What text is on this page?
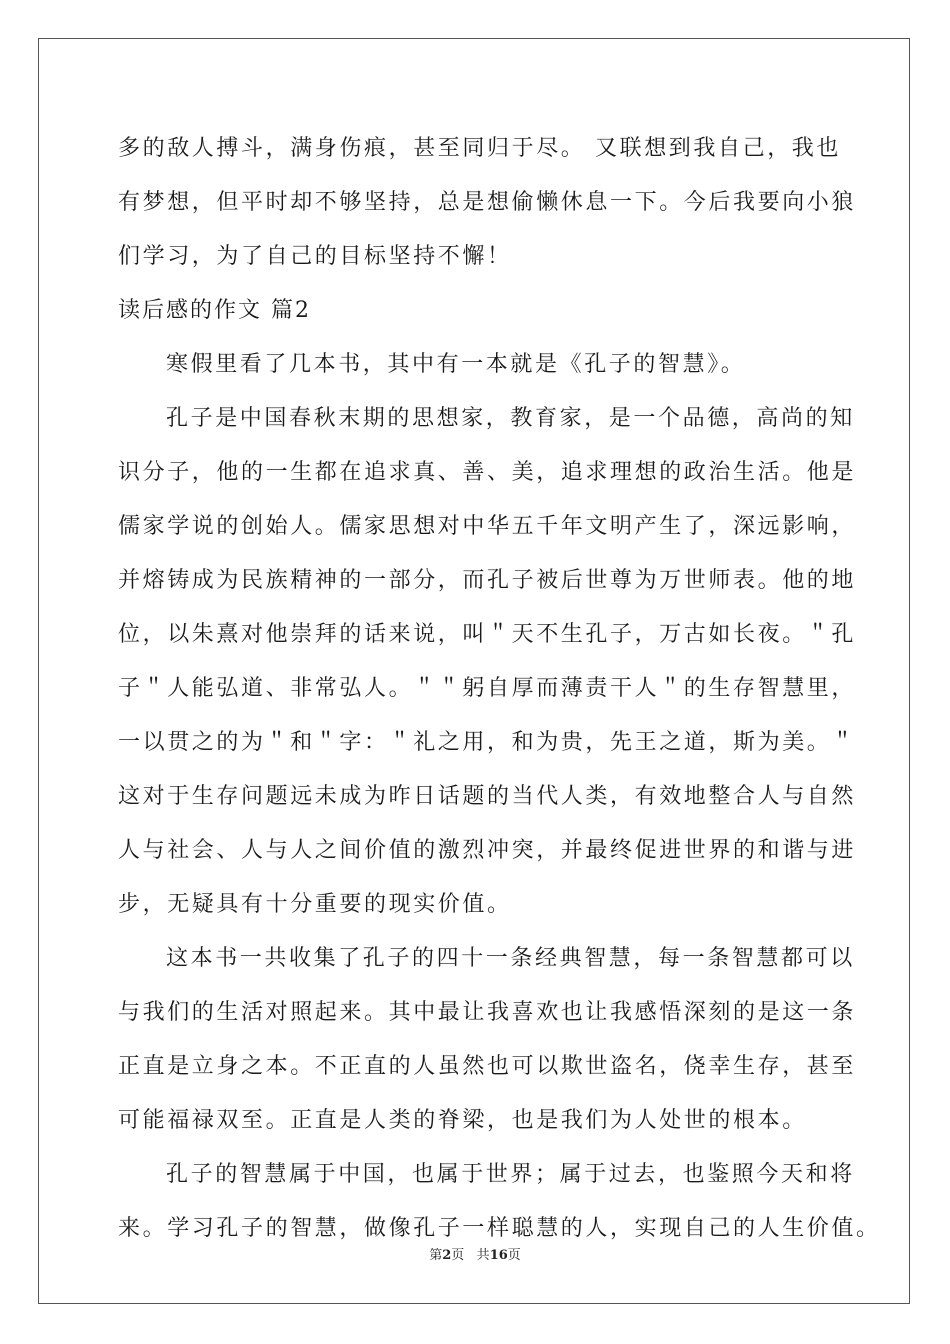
多的敌人搏斗，满身伤痕，甚至同归于尽。 又联想到我自己，我也
有梦想，但平时却不够坚持，总是想偷懒休息一下。今后我要向小狼
们学习，为了自己的目标坚持不懈！
读后感的作文 篇2
寒假里看了几本书，其中有一本就是《孔子的智慧》。
孔子是中国春秋末期的思想家，教育家，是一个品德，高尚的知
识分子，他的一生都在追求真、善、美，追求理想的政治生活。他是
儒家学说的创始人。儒家思想对中华五千年文明产生了，深远影响，
并熔铸成为民族精神的一部分，而孔子被后世尊为万世师表。他的地
位，以朱熹对他崇拜的话来说，叫＂天不生孔子，万古如长夜。＂孔
子＂人能弘道、非常弘人。＂＂躬自厚而薄责干人＂的生存智慧里，
一以贯之的为＂和＂字：＂礼之用，和为贵，先王之道，斯为美。＂
这对于生存问题远未成为昨日话题的当代人类，有效地整合人与自然
人与社会、人与人之间价值的激烈冲突，并最终促进世界的和谐与进
步，无疑具有十分重要的现实价值。
这本书一共收集了孔子的四十一条经典智慧，每一条智慧都可以
与我们的生活对照起来。其中最让我喜欢也让我感悟深刻的是这一条
正直是立身之本。不正直的人虽然也可以欺世盗名，侥幸生存，甚至
可能福禄双至。正直是人类的脊梁，也是我们为人处世的根本。
孔子的智慧属于中国，也属于世界；属于过去，也鉴照今天和将
来。学习孔子的智慧，做像孔子一样聪慧的人，实现自己的人生价值。
第2页 共16页
